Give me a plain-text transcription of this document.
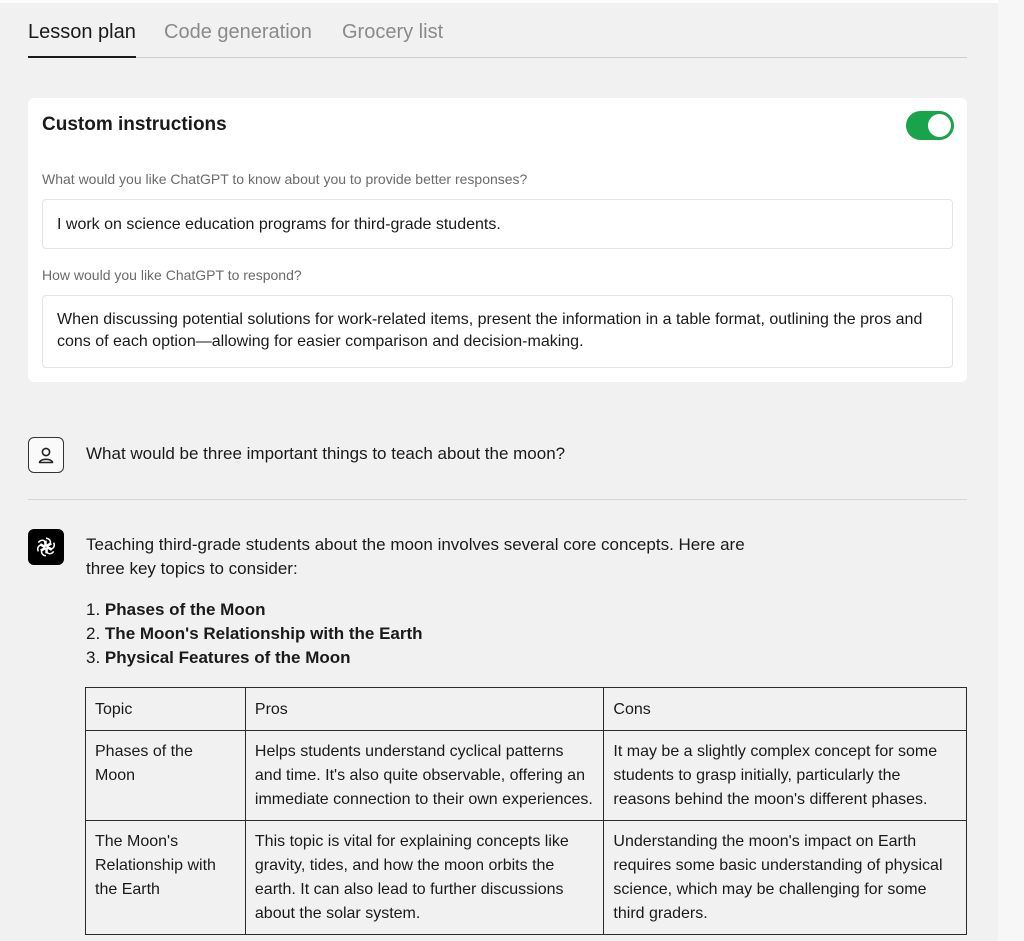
Lesson plan Code generation Grocery list
Custom instructions
What would you like ChatGPT to know about you to provide better responses?
I work on science education programs for third-grade students.
How would you like ChatGPT to respond?
When discussing potential solutions for work-related items, present the information in a table format, outlining the pros and cons of each option—allowing for easier comparison and decision-making.
What would be three important things to teach about the moon?
Teaching third-grade students about the moon involves several core concepts. Here are three key topics to consider:
1. Phases of the Moon
2. The Moon's Relationship with the Earth
3. Physical Features of the Moon
Topic	Pros	Cons
Phases of the Moon	Helps students understand cyclical patterns and time. It's also quite observable, offering an immediate connection to their own experiences.	It may be a slightly complex concept for some students to grasp initially, particularly the reasons behind the moon's different phases.
The Moon's Relationship with the Earth	This topic is vital for explaining concepts like gravity, tides, and how the moon orbits the earth. It can also lead to further discussions about the solar system.	Understanding the moon's impact on Earth requires some basic understanding of physical science, which may be challenging for some third graders.
